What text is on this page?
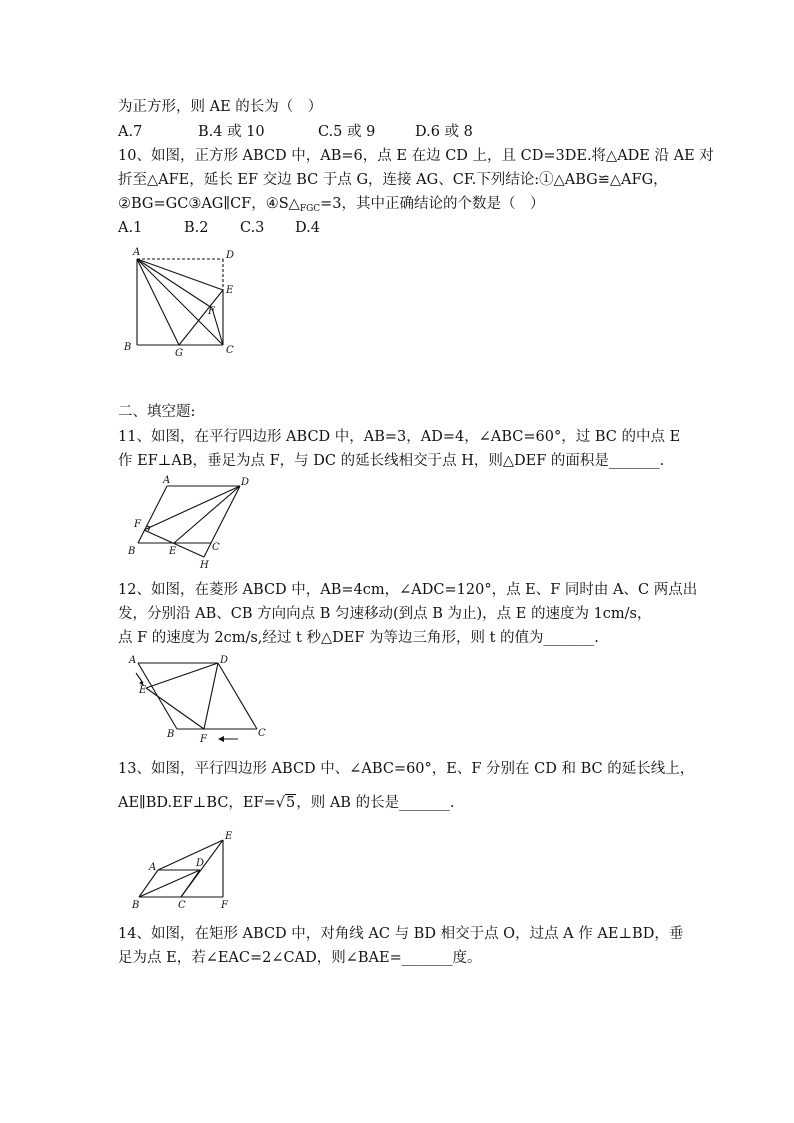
为正方形，则 AE 的长为（　）
A.7	B.4 或 10	C.5 或 9	D.6 或 8
10、如图，正方形 ABCD 中，AB=6，点 E 在边 CD 上，且 CD=3DE.将△ADE 沿 AE 对
折至△AFE，延长 EF 交边 BC 于点 G，连接 AG、CF.下列结论:①△ABG≌△AFG，
②BG=GC③AG∥CF，$④S\triangle_{FGC}=3$，其中正确结论的个数是（　）
A.1	B.2 C.3 D.4
A	D
E
F
B
G	C
二、填空题:
11、如图，在平行四边形 ABCD 中，AB=3，AD=4，∠ABC=60°，过 BC 的中点 E
作 EF⊥AB，垂足为点 F，与 DC 的延长线相交于点 H，则△DEF 的面积是_______.
A	D
F
B	E	C
H
12、如图，在菱形 ABCD 中，AB=4cm，∠ADC=120°，点 E、F 同时由 A、C 两点出
发，分别沿 AB、CB 方向向点 B 匀速移动(到点 B 为止)，点 E 的速度为 1cm/s，
点 F 的速度为 2cm/s,经过 t 秒△DEF 为等边三角形，则 t 的值为_______.
A	D
E
B	F
C
13、如图，平行四边形 ABCD 中、∠ABC=60°，E、F 分别在 CD 和 BC 的延长线上，
AE∥BD.EF⊥BC，EF=√5，则 AB 的长是_______.
E
A	D
B	C	F
14、如图，在矩形 ABCD 中，对角线 AC 与 BD 相交于点 O，过点 A 作 AE⊥BD，垂
足为点 E，若∠EAC=2∠CAD，则∠BAE=_______度。
